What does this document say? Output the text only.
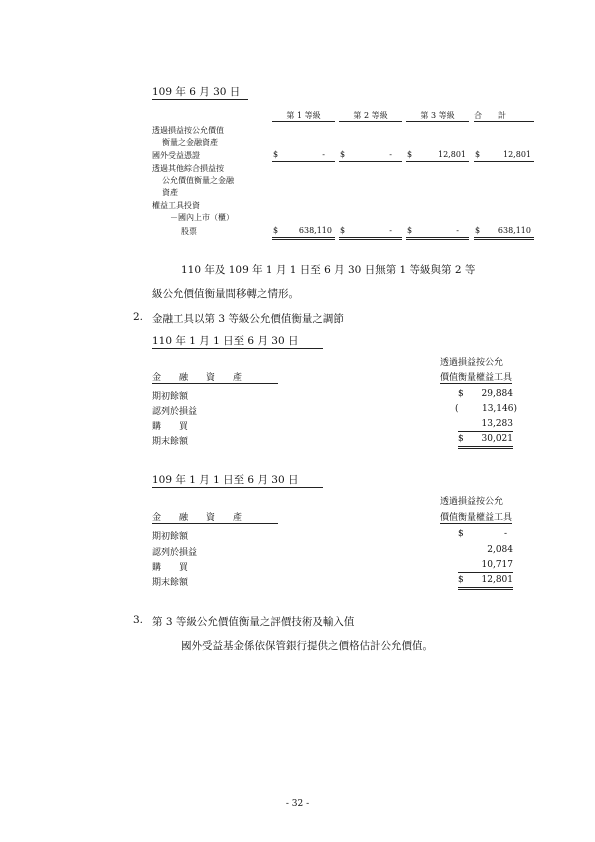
109 年 6 月 30 日
第 1 等級	第 2 等級	第 3 等級	合　　計
透過損益按公允價值
衡量之金融資產
國外受益憑證	$	- $	- $	12,801 $	12,801
透過其他綜合損益按
公允價值衡量之金融
資產
權益工具投資
－國內上市（櫃）
股票	$	638,110 $	- $	- $ 638,110
110 年及 109 年 1 月 1 日至 6 月 30 日無第 1 等級與第 2 等
級公允價值衡量間移轉之情形。
2. 金融工具以第 3 等級公允價值衡量之調節
110 年 1 月 1 日至 6 月 30 日
透過損益按公允
價值衡量權益工具
金　　融　　資　　產
期初餘額	$ 29,884
認列於損益	(	13,146)
購　　買	13,283
期末餘額	$ 30,021
109 年 1 月 1 日至 6 月 30 日
透過損益按公允
價值衡量權益工具
金　　融　　資　　產
期初餘額	$	-
認列於損益	2,084
購　　買	10,717
期末餘額	$ 12,801
3. 第 3 等級公允價值衡量之評價技術及輸入值
國外受益基金係依保管銀行提供之價格估計公允價值。
- 32 -
